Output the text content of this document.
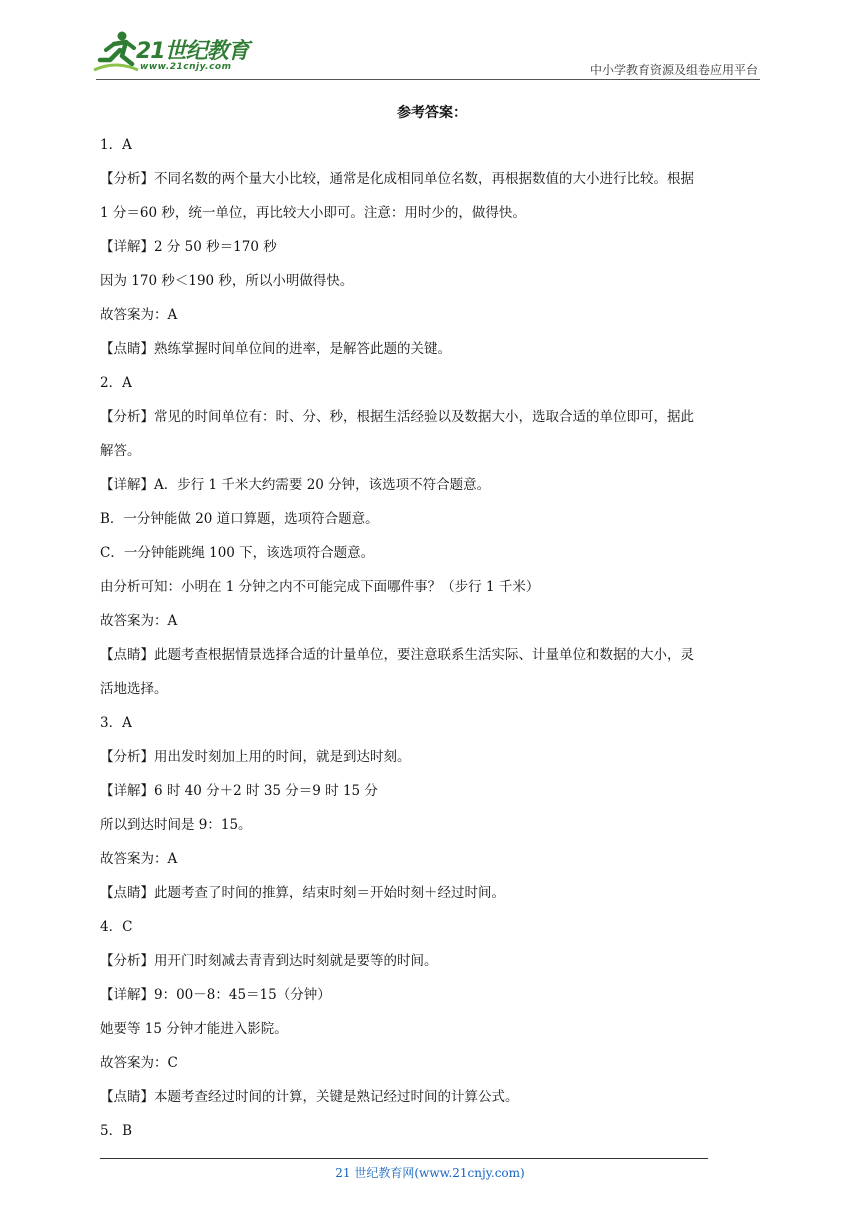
21世纪教育
www.21cnjy.com	中小学教育资源及组卷应用平台

参考答案：

1．A

【分析】不同名数的两个量大小比较，通常是化成相同单位名数，再根据数值的大小进行比较。根据

1 分＝60 秒，统一单位，再比较大小即可。注意：用时少的，做得快。

【详解】2 分 50 秒＝170 秒

因为 170 秒＜190 秒，所以小明做得快。

故答案为：A

【点睛】熟练掌握时间单位间的进率，是解答此题的关键。

2．A

【分析】常见的时间单位有：时、分、秒，根据生活经验以及数据大小，选取合适的单位即可，据此

解答。

【详解】A．步行 1 千米大约需要 20 分钟，该选项不符合题意。

B．一分钟能做 20 道口算题，选项符合题意。

C．一分钟能跳绳 100 下，该选项符合题意。

由分析可知：小明在 1 分钟之内不可能完成下面哪件事？（步行 1 千米）

故答案为：A

【点睛】此题考查根据情景选择合适的计量单位，要注意联系生活实际、计量单位和数据的大小，灵

活地选择。

3．A

【分析】用出发时刻加上用的时间，就是到达时刻。

【详解】6 时 40 分＋2 时 35 分＝9 时 15 分

所以到达时间是 9：15。

故答案为：A

【点睛】此题考查了时间的推算，结束时刻＝开始时刻＋经过时间。

4．C

【分析】用开门时刻减去青青到达时刻就是要等的时间。

【详解】9：00－8：45＝15（分钟）

她要等 15 分钟才能进入影院。

故答案为：C

【点睛】本题考查经过时间的计算，关键是熟记经过时间的计算公式。

5．B

21 世纪教育网(www.21cnjy.com)
